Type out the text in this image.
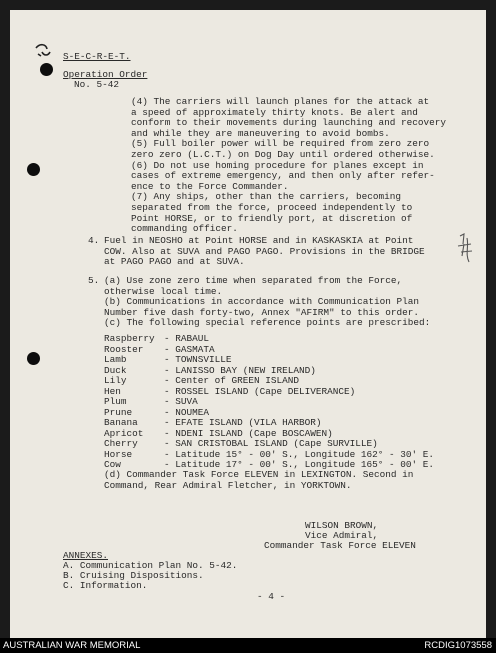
S-E-C-R-E-T.
Operation Order
No. 5-42
(4) The carriers will launch planes for the attack at
a speed of approximately thirty knots. Be alert and
conform to their movements during launching and recovery
and while they are maneuvering to avoid bombs.
(5) Full boiler power will be required from zero zero
zero zero (L.C.T.) on Dog Day until ordered otherwise.
(6) Do not use homing procedure for planes except in
cases of extreme emergency, and then only after refer-
ence to the Force Commander.
(7) Any ships, other than the carriers, becoming
separated from the force, proceed independently to
Point HORSE, or to friendly port, at discretion of
commanding officer.
4. Fuel in NEOSHO at Point HORSE and in KASKASKIA at Point
COW. Also at SUVA and PAGO PAGO. Provisions in the BRIDGE
at PAGO PAGO and at SUVA.
5. (a) Use zone zero time when separated from the Force,
otherwise local time.
(b) Communications in accordance with Communication Plan
Number five dash forty-two, Annex "AFIRM" to this order.
(c) The following special reference points are prescribed:
Raspberry - RABAUL
Rooster - GASMATA
Lamb	- TOWNSVILLE
Duck	- LANISSO BAY (NEW IRELAND)
Lily	- Center of GREEN ISLAND
Hen	- ROSSEL ISLAND (Cape DELIVERANCE)
Plum	- SUVA
Prune	- NOUMEA
Banana	- EFATE ISLAND (VILA HARBOR)
Apricot - NDENI ISLAND (Cape BOSCAWEN)
Cherry	- SAN CRISTOBAL ISLAND (Cape SURVILLE)
Horse	- Latitude 15° - 00' S., Longitude 162° - 30' E.
Cow	- Latitude 17° - 00' S., Longitude 165° - 00' E.
(d) Commander Task Force ELEVEN in LEXINGTON. Second in
Command, Rear Admiral Fletcher, in YORKTOWN.
WILSON BROWN,
Vice Admiral,
Commander Task Force ELEVEN
ANNEXES.
A. Communication Plan No. 5-42.
B. Cruising Dispositions.
C. Information.
- 4 -
AUSTRALIAN WAR MEMORIAL	RCDIG1073558
